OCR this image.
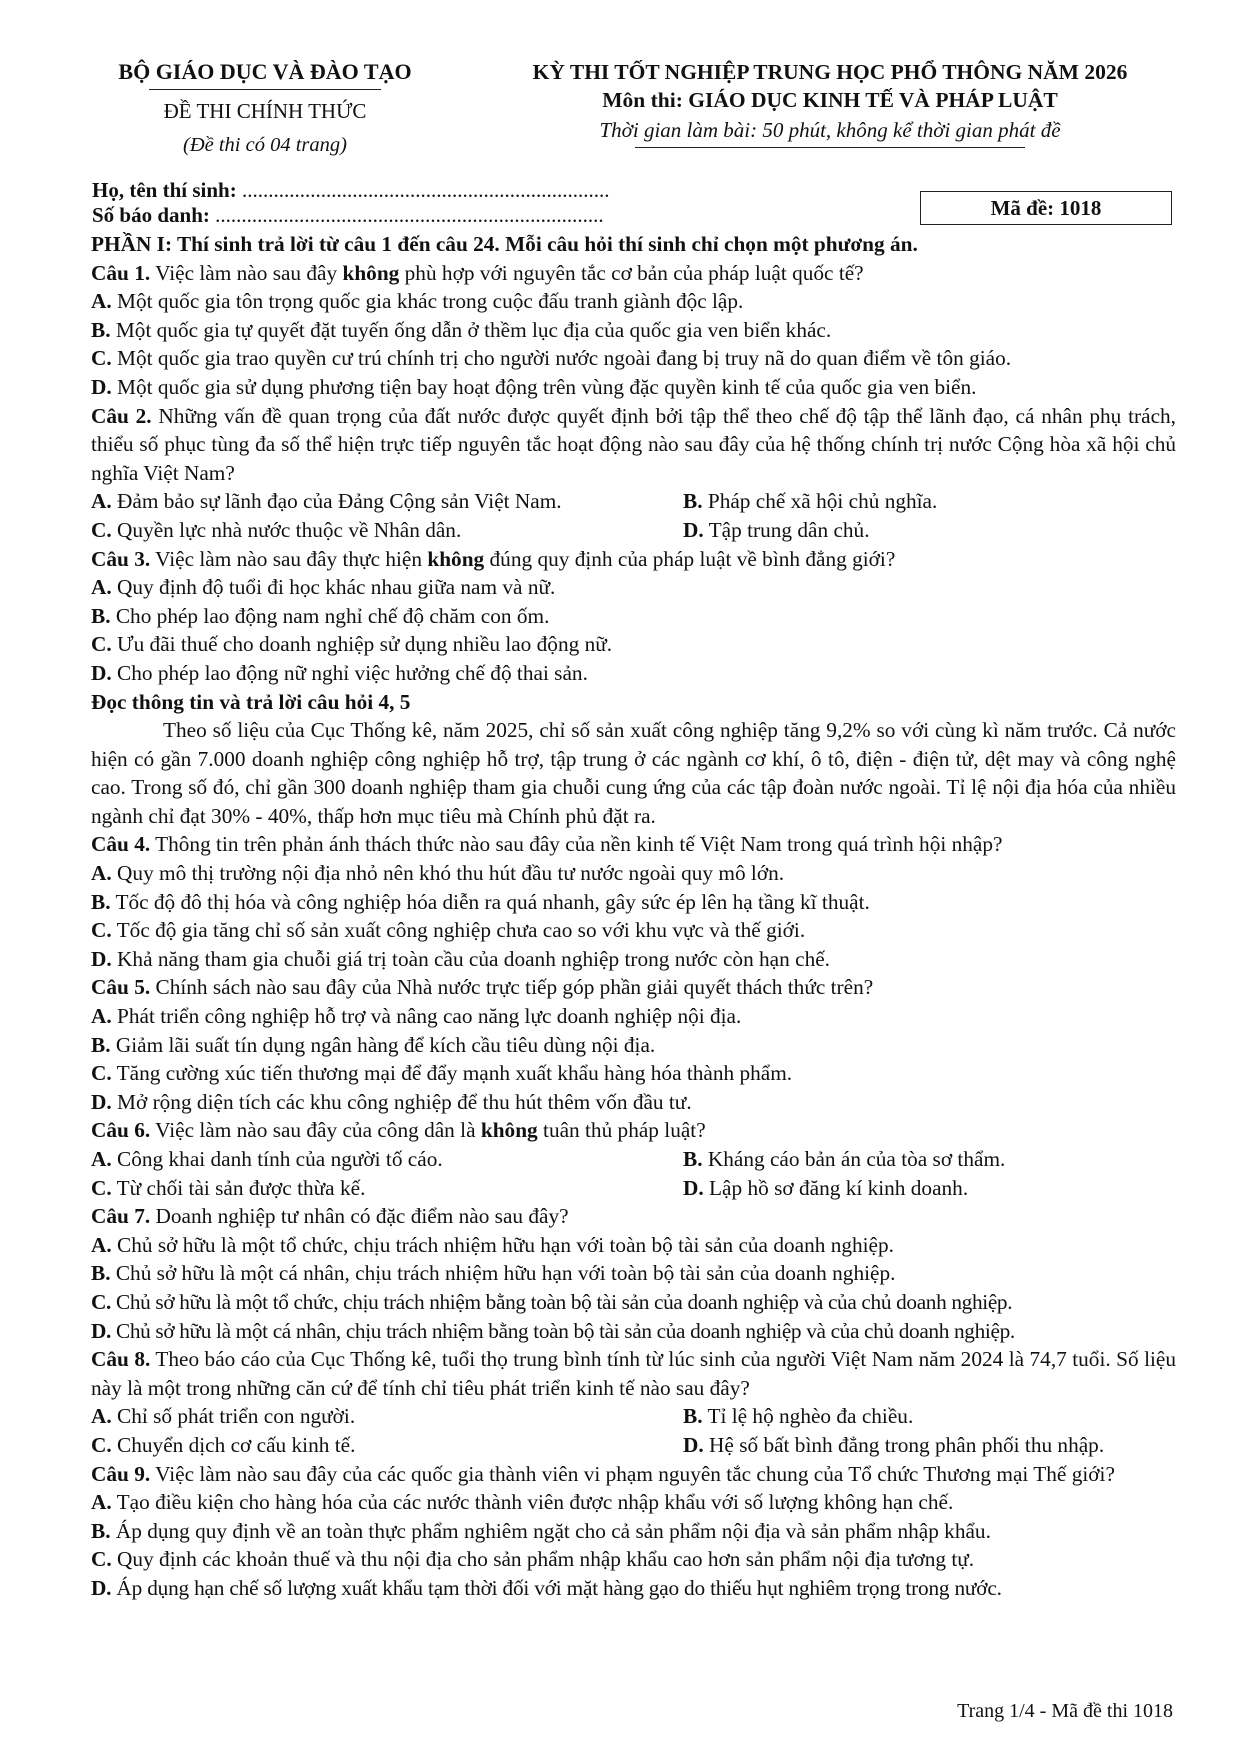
BỘ GIÁO DỤC VÀ ĐÀO TẠO
ĐỀ THI CHÍNH THỨC
(Đề thi có 04 trang)
KỲ THI TỐT NGHIỆP TRUNG HỌC PHỔ THÔNG NĂM 2026
Môn thi: GIÁO DỤC KINH TẾ VÀ PHÁP LUẬT
Thời gian làm bài: 50 phút, không kể thời gian phát đề
Họ, tên thí sinh: ......................................................................
Số báo danh: ..........................................................................	Mã đề: 1018

PHẦN I: Thí sinh trả lời từ câu 1 đến câu 24. Mỗi câu hỏi thí sinh chỉ chọn một phương án.

Câu 1. Việc làm nào sau đây không phù hợp với nguyên tắc cơ bản của pháp luật quốc tế?

A. Một quốc gia tôn trọng quốc gia khác trong cuộc đấu tranh giành độc lập.

B. Một quốc gia tự quyết đặt tuyến ống dẫn ở thềm lục địa của quốc gia ven biển khác.

C. Một quốc gia trao quyền cư trú chính trị cho người nước ngoài đang bị truy nã do quan điểm về tôn giáo.

D. Một quốc gia sử dụng phương tiện bay hoạt động trên vùng đặc quyền kinh tế của quốc gia ven biển.

Câu 2. Những vấn đề quan trọng của đất nước được quyết định bởi tập thể theo chế độ tập thể lãnh đạo, cá nhân phụ trách, thiểu số phục tùng đa số thể hiện trực tiếp nguyên tắc hoạt động nào sau đây của hệ thống chính trị nước Cộng hòa xã hội chủ nghĩa Việt Nam?

A. Đảm bảo sự lãnh đạo của Đảng Cộng sản Việt Nam.	B. Pháp chế xã hội chủ nghĩa.
C. Quyền lực nhà nước thuộc về Nhân dân.	D. Tập trung dân chủ.

Câu 3. Việc làm nào sau đây thực hiện không đúng quy định của pháp luật về bình đẳng giới?

A. Quy định độ tuổi đi học khác nhau giữa nam và nữ.

B. Cho phép lao động nam nghỉ chế độ chăm con ốm.

C. Ưu đãi thuế cho doanh nghiệp sử dụng nhiều lao động nữ.

D. Cho phép lao động nữ nghỉ việc hưởng chế độ thai sản.

Đọc thông tin và trả lời câu hỏi 4, 5

Theo số liệu của Cục Thống kê, năm 2025, chỉ số sản xuất công nghiệp tăng 9,2% so với cùng kì năm trước. Cả nước hiện có gần 7.000 doanh nghiệp công nghiệp hỗ trợ, tập trung ở các ngành cơ khí, ô tô, điện - điện tử, dệt may và công nghệ cao. Trong số đó, chỉ gần 300 doanh nghiệp tham gia chuỗi cung ứng của các tập đoàn nước ngoài. Tỉ lệ nội địa hóa của nhiều ngành chỉ đạt 30% - 40%, thấp hơn mục tiêu mà Chính phủ đặt ra.

Câu 4. Thông tin trên phản ánh thách thức nào sau đây của nền kinh tế Việt Nam trong quá trình hội nhập?

A. Quy mô thị trường nội địa nhỏ nên khó thu hút đầu tư nước ngoài quy mô lớn.

B. Tốc độ đô thị hóa và công nghiệp hóa diễn ra quá nhanh, gây sức ép lên hạ tầng kĩ thuật.

C. Tốc độ gia tăng chỉ số sản xuất công nghiệp chưa cao so với khu vực và thế giới.

D. Khả năng tham gia chuỗi giá trị toàn cầu của doanh nghiệp trong nước còn hạn chế.

Câu 5. Chính sách nào sau đây của Nhà nước trực tiếp góp phần giải quyết thách thức trên?

A. Phát triển công nghiệp hỗ trợ và nâng cao năng lực doanh nghiệp nội địa.

B. Giảm lãi suất tín dụng ngân hàng để kích cầu tiêu dùng nội địa.

C. Tăng cường xúc tiến thương mại để đẩy mạnh xuất khẩu hàng hóa thành phẩm.

D. Mở rộng diện tích các khu công nghiệp để thu hút thêm vốn đầu tư.

Câu 6. Việc làm nào sau đây của công dân là không tuân thủ pháp luật?

A. Công khai danh tính của người tố cáo.	B. Kháng cáo bản án của tòa sơ thẩm.
C. Từ chối tài sản được thừa kế.	D. Lập hồ sơ đăng kí kinh doanh.

Câu 7. Doanh nghiệp tư nhân có đặc điểm nào sau đây?

A. Chủ sở hữu là một tổ chức, chịu trách nhiệm hữu hạn với toàn bộ tài sản của doanh nghiệp.

B. Chủ sở hữu là một cá nhân, chịu trách nhiệm hữu hạn với toàn bộ tài sản của doanh nghiệp.

C. Chủ sở hữu là một tổ chức, chịu trách nhiệm bằng toàn bộ tài sản của doanh nghiệp và của chủ doanh nghiệp.

D. Chủ sở hữu là một cá nhân, chịu trách nhiệm bằng toàn bộ tài sản của doanh nghiệp và của chủ doanh nghiệp.

Câu 8. Theo báo cáo của Cục Thống kê, tuổi thọ trung bình tính từ lúc sinh của người Việt Nam năm 2024 là 74,7 tuổi. Số liệu này là một trong những căn cứ để tính chỉ tiêu phát triển kinh tế nào sau đây?

A. Chỉ số phát triển con người.	B. Tỉ lệ hộ nghèo đa chiều.
C. Chuyển dịch cơ cấu kinh tế.	D. Hệ số bất bình đẳng trong phân phối thu nhập.

Câu 9. Việc làm nào sau đây của các quốc gia thành viên vi phạm nguyên tắc chung của Tổ chức Thương mại Thế giới?

A. Tạo điều kiện cho hàng hóa của các nước thành viên được nhập khẩu với số lượng không hạn chế.

B. Áp dụng quy định về an toàn thực phẩm nghiêm ngặt cho cả sản phẩm nội địa và sản phẩm nhập khẩu.

C. Quy định các khoản thuế và thu nội địa cho sản phẩm nhập khẩu cao hơn sản phẩm nội địa tương tự.

D. Áp dụng hạn chế số lượng xuất khẩu tạm thời đối với mặt hàng gạo do thiếu hụt nghiêm trọng trong nước.

Trang 1/4 - Mã đề thi 1018
